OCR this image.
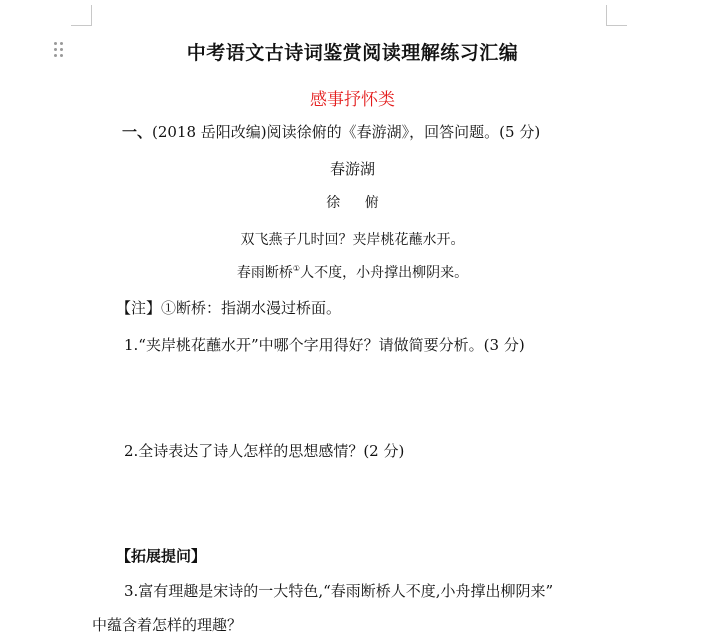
中考语文古诗词鉴赏阅读理解练习汇编
感事抒怀类
一、(2018 岳阳改编)阅读徐俯的《春游湖》，回答问题。(5 分)
春游湖
徐 俯
双飞燕子几时回？夹岸桃花蘸水开。
春雨断桥①人不度，小舟撑出柳阴来。
【注】①断桥：指湖水漫过桥面。
1.“夹岸桃花蘸水开”中哪个字用得好？请做简要分析。(3 分)
2.全诗表达了诗人怎样的思想感情？(2 分)
【拓展提问】
3.富有理趣是宋诗的一大特色,“春雨断桥人不度,小舟撑出柳阴来”
中蕴含着怎样的理趣？
